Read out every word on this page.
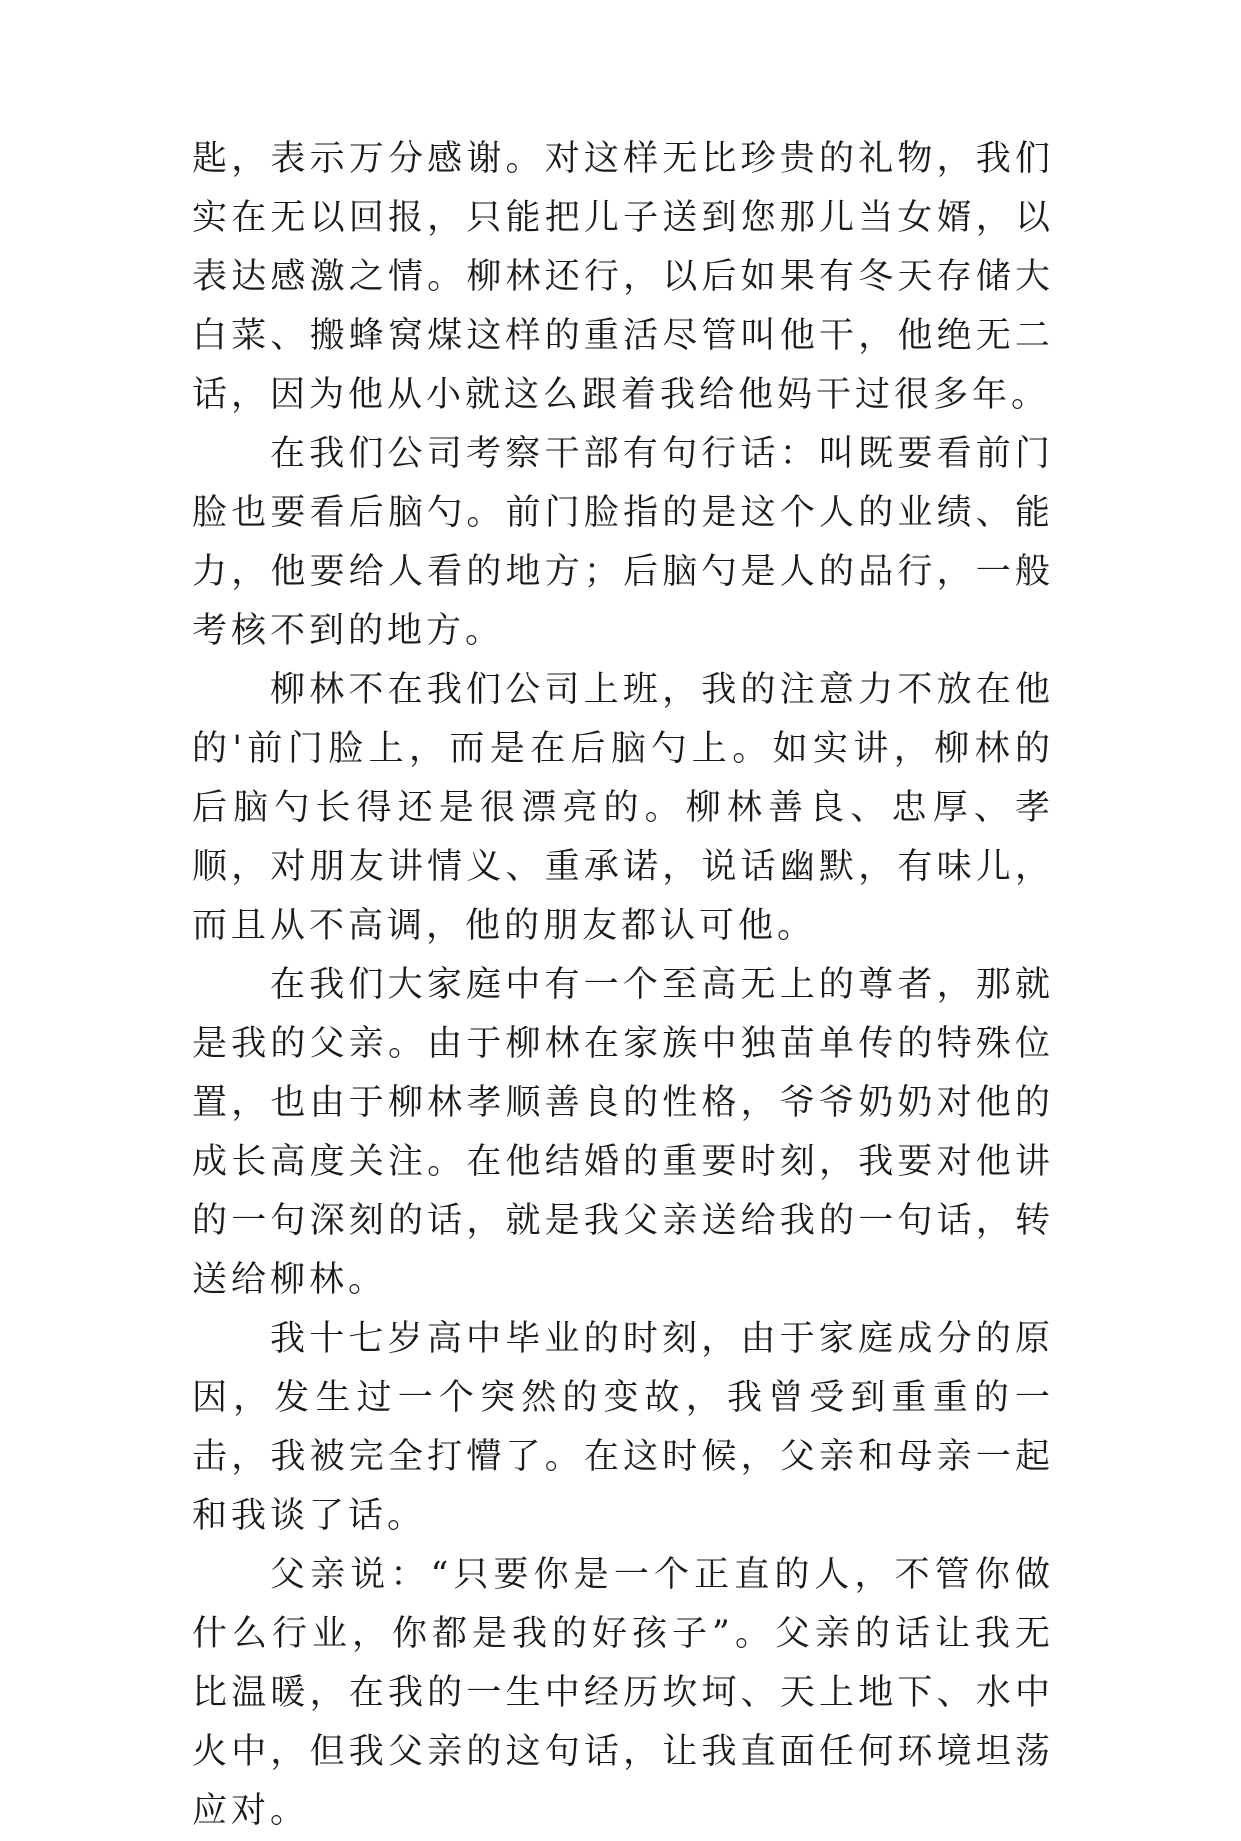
匙，表示万分感谢。对这样无比珍贵的礼物，我们实在无以回报，只能把儿子送到您那儿当女婿，以表达感激之情。柳林还行，以后如果有冬天存储大白菜、搬蜂窝煤这样的重活尽管叫他干，他绝无二话，因为他从小就这么跟着我给他妈干过很多年。

在我们公司考察干部有句行话：叫既要看前门脸也要看后脑勺。前门脸指的是这个人的业绩、能力，他要给人看的地方；后脑勺是人的品行，一般考核不到的地方。

柳林不在我们公司上班，我的注意力不放在他的'前门脸上，而是在后脑勺上。如实讲，柳林的后脑勺长得还是很漂亮的。柳林善良、忠厚、孝顺，对朋友讲情义、重承诺，说话幽默，有味儿，而且从不高调，他的朋友都认可他。

在我们大家庭中有一个至高无上的尊者，那就是我的父亲。由于柳林在家族中独苗单传的特殊位置，也由于柳林孝顺善良的性格，爷爷奶奶对他的成长高度关注。在他结婚的重要时刻，我要对他讲的一句深刻的话，就是我父亲送给我的一句话，转送给柳林。

我十七岁高中毕业的时刻，由于家庭成分的原因，发生过一个突然的变故，我曾受到重重的一击，我被完全打懵了。在这时候，父亲和母亲一起和我谈了话。

父亲说：“只要你是一个正直的人，不管你做什么行业，你都是我的好孩子”。父亲的话让我无比温暖，在我的一生中经历坎坷、天上地下、水中火中，但我父亲的这句话，让我直面任何环境坦荡应对。
